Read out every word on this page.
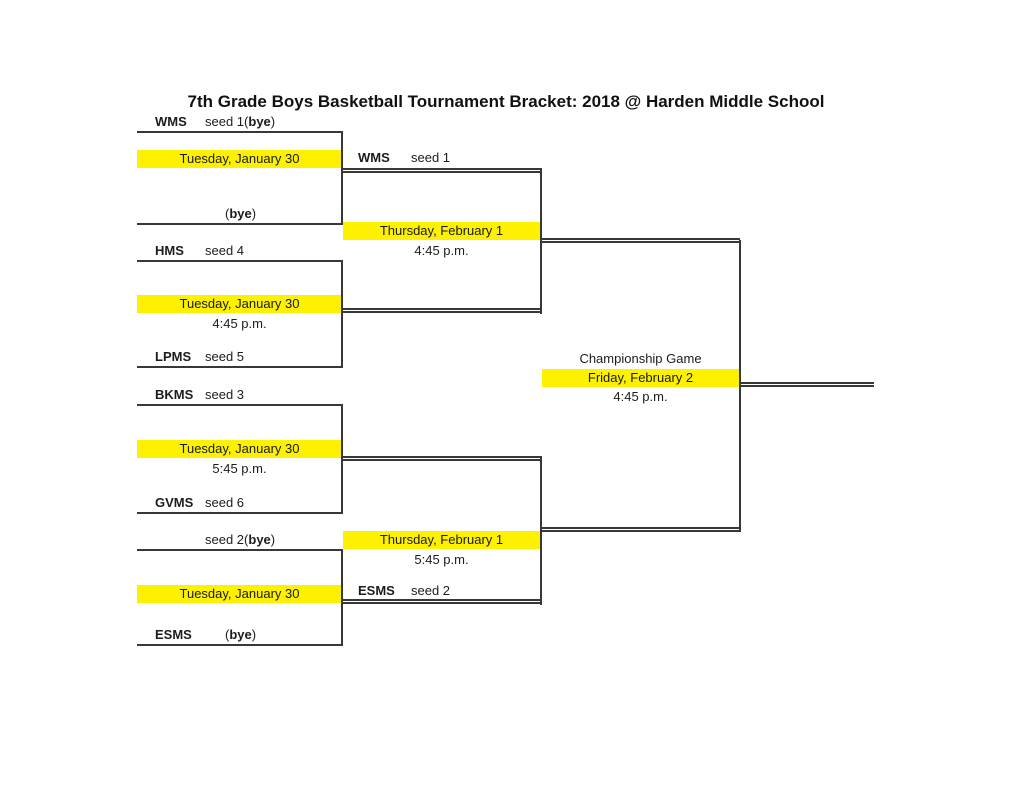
7th Grade Boys Basketball Tournament Bracket: 2018 @ Harden Middle School
WMS seed 1(bye)
Tuesday, January 30
(bye)
HMS seed 4
Tuesday, January 30
4:45 p.m.
LPMS seed 5
BKMS seed 3
Tuesday, January 30
5:45 p.m.
GVMS seed 6
seed 2(bye)
Tuesday, January 30
ESMS	(bye)
WMS seed 1
Thursday, February 1
4:45 p.m.
Thursday, February 1
5:45 p.m.
ESMS seed 2
Championship Game
Friday, February 2
4:45 p.m.
